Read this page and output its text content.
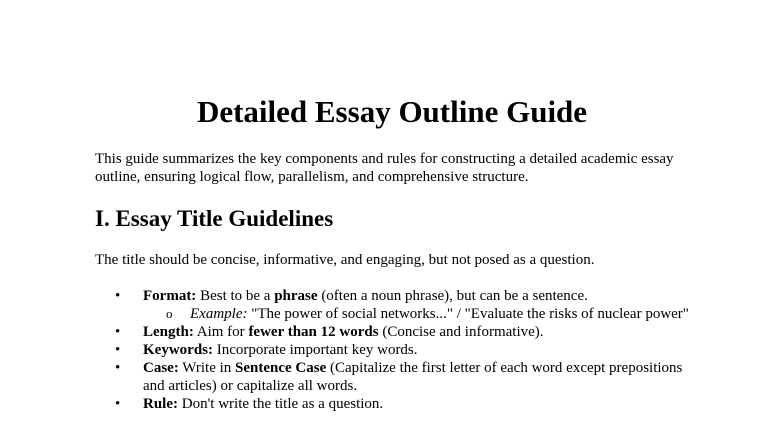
Detailed Essay Outline Guide

This guide summarizes the key components and rules for constructing a detailed academic essay outline, ensuring logical flow, parallelism, and comprehensive structure.

I. Essay Title Guidelines

The title should be concise, informative, and engaging, but not posed as a question.

• Format: Best to be a phrase (often a noun phrase), but can be a sentence.
o Example: "The power of social networks..." / "Evaluate the risks of nuclear power"
• Length: Aim for fewer than 12 words (Concise and informative).
• Keywords: Incorporate important key words.
• Case: Write in Sentence Case (Capitalize the first letter of each word except prepositions and articles) or capitalize all words.
• Rule: Don't write the title as a question.
